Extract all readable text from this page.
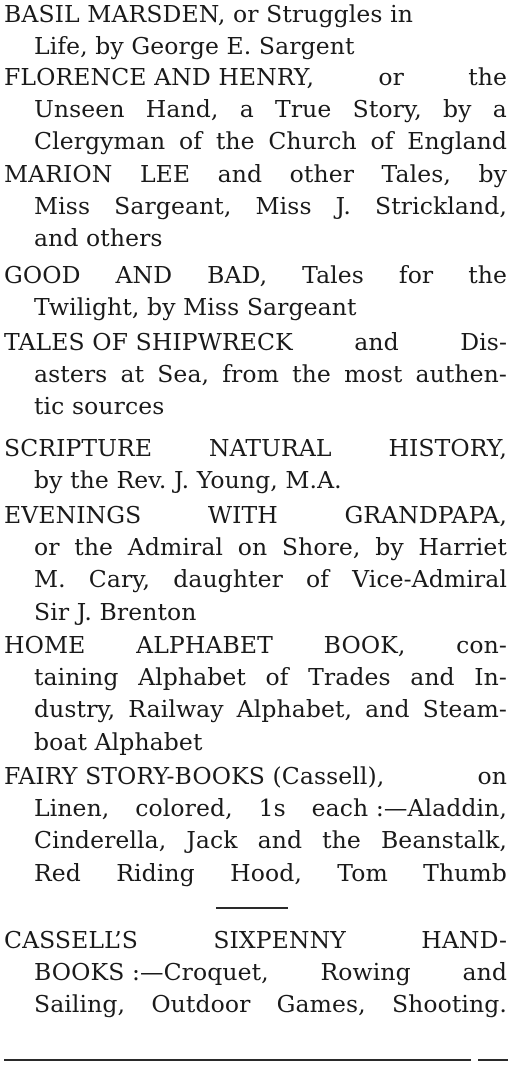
BASIL MARSDEN, or Struggles in
Life, by George E. Sargent
FLORENCE AND HENRY,	or	the
Unseen Hand, a True Story, by a
Clergyman of the Church of England
MARION LEE and other Tales, by
Miss Sargeant, Miss J. Strickland,
and others
GOOD AND BAD, Tales for the
Twilight, by Miss Sargeant
TALES OF SHIPWRECK	and	Dis-
asters at Sea, from the most authen-
tic sources
SCRIPTURE NATURAL HISTORY,
by the Rev. J. Young, M.A.
EVENINGS	WITH	GRANDPAPA,
or the Admiral on Shore, by Harriet
M. Cary, daughter of Vice-Admiral
Sir J. Brenton
HOME ALPHABET BOOK, con-
taining Alphabet of Trades and In-
dustry, Railway Alphabet, and Steam-
boat Alphabet
FAIRY STORY-BOOKS (Cassell),	on
Linen, colored, 1s each :—Aladdin,
Cinderella, Jack and the Beanstalk,
Red Riding Hood, Tom Thumb
CASSELL’S	SIXPENNY	HAND-
BOOKS :—Croquet, Rowing and
Sailing, Outdoor Games, Shooting.
